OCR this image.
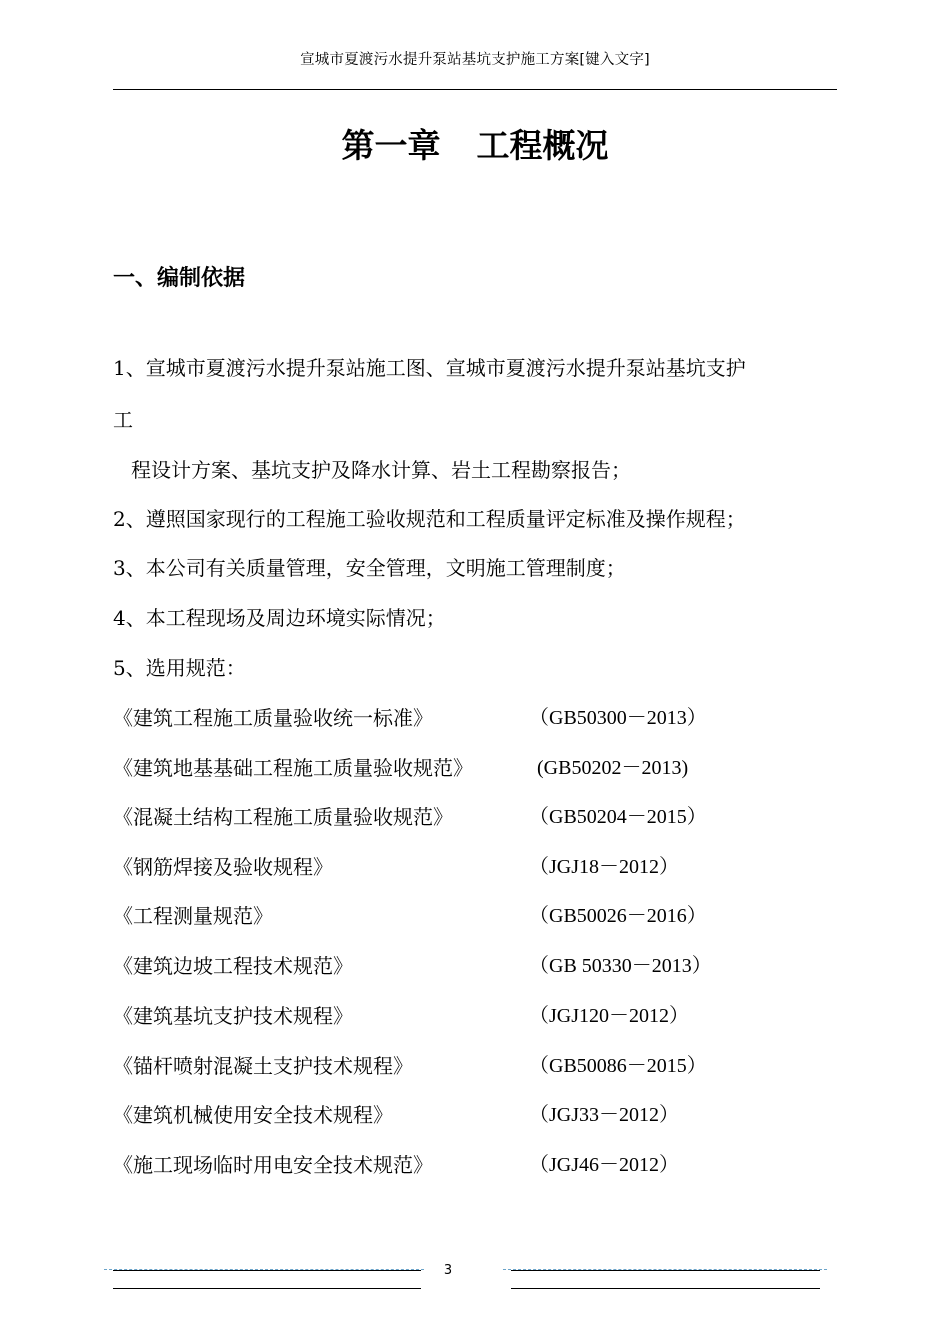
宣城市夏渡污水提升泵站基坑支护施工方案[键入文字]
第一章 工程概况
一、编制依据
1、宣城市夏渡污水提升泵站施工图、宣城市夏渡污水提升泵站基坑支护
工
程设计方案、基坑支护及降水计算、岩土工程勘察报告；
2、遵照国家现行的工程施工验收规范和工程质量评定标准及操作规程；
3、本公司有关质量管理，安全管理，文明施工管理制度；
4、本工程现场及周边环境实际情况；
5、选用规范：
《建筑工程施工质量验收统一标准》	（GB50300－2013）
《建筑地基基础工程施工质量验收规范》	(GB50202－2013)
《混凝土结构工程施工质量验收规范》	（GB50204－2015）
《钢筋焊接及验收规程》	（JGJ18－2012）
《工程测量规范》	（GB50026－2016）
《建筑边坡工程技术规范》	（GB 50330－2013）
《建筑基坑支护技术规程》	（JGJ120－2012）
《锚杆喷射混凝土支护技术规程》	（GB50086－2015）
《建筑机械使用安全技术规程》	（JGJ33－2012）
《施工现场临时用电安全技术规范》	（JGJ46－2012）
3
